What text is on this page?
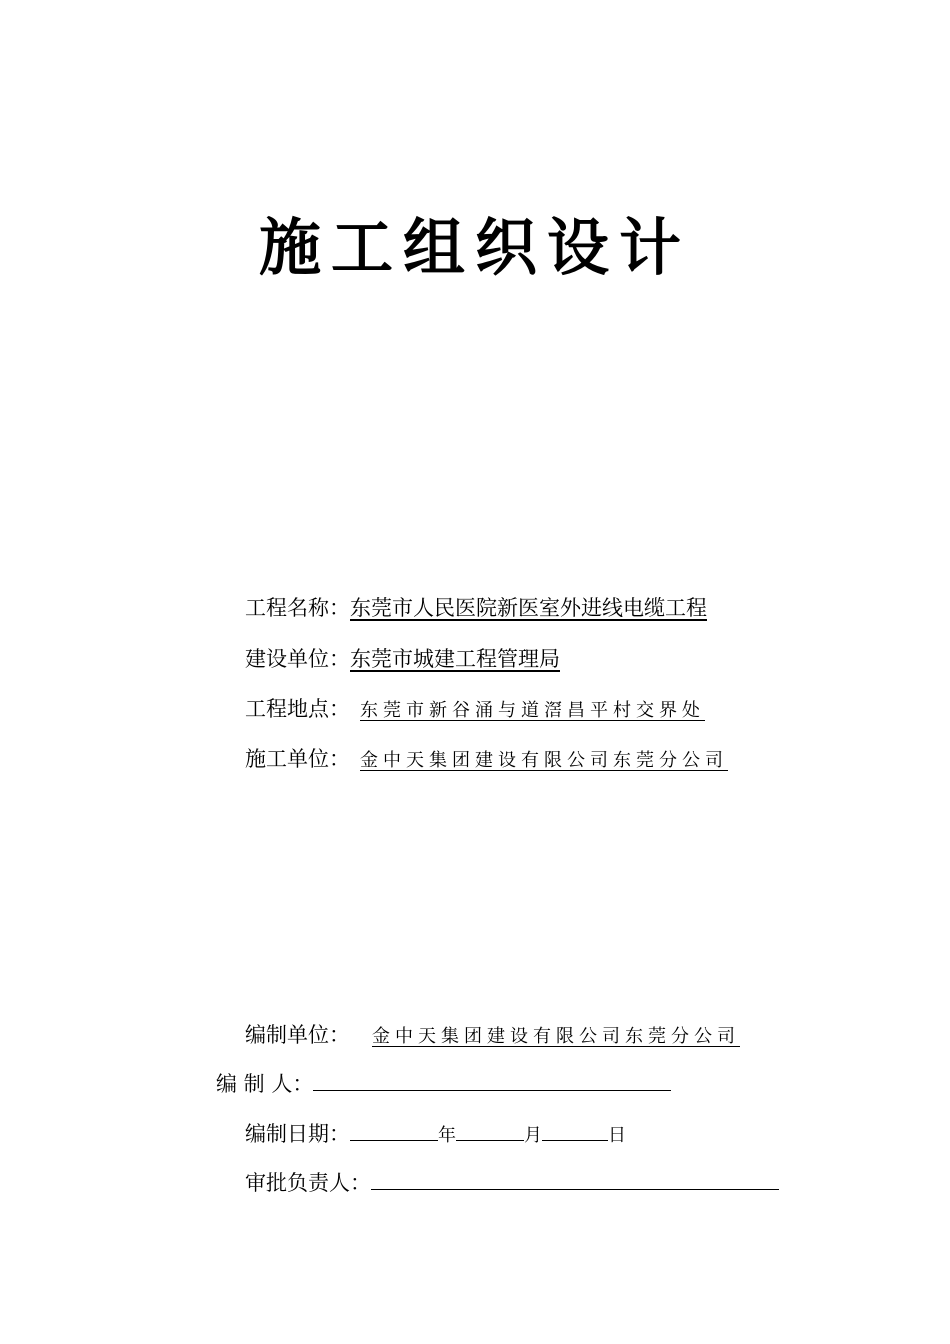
施工组织设计
工程名称：东莞市人民医院新医室外进线电缆工程
建设单位：东莞市城建工程管理局
工程地点： 东莞市新谷涌与道滘昌平村交界处
施工单位： 金中天集团建设有限公司东莞分公司
编制单位： 金中天集团建设有限公司东莞分公司
编 制 人：
编制日期：	年	月	日
审批负责人：
